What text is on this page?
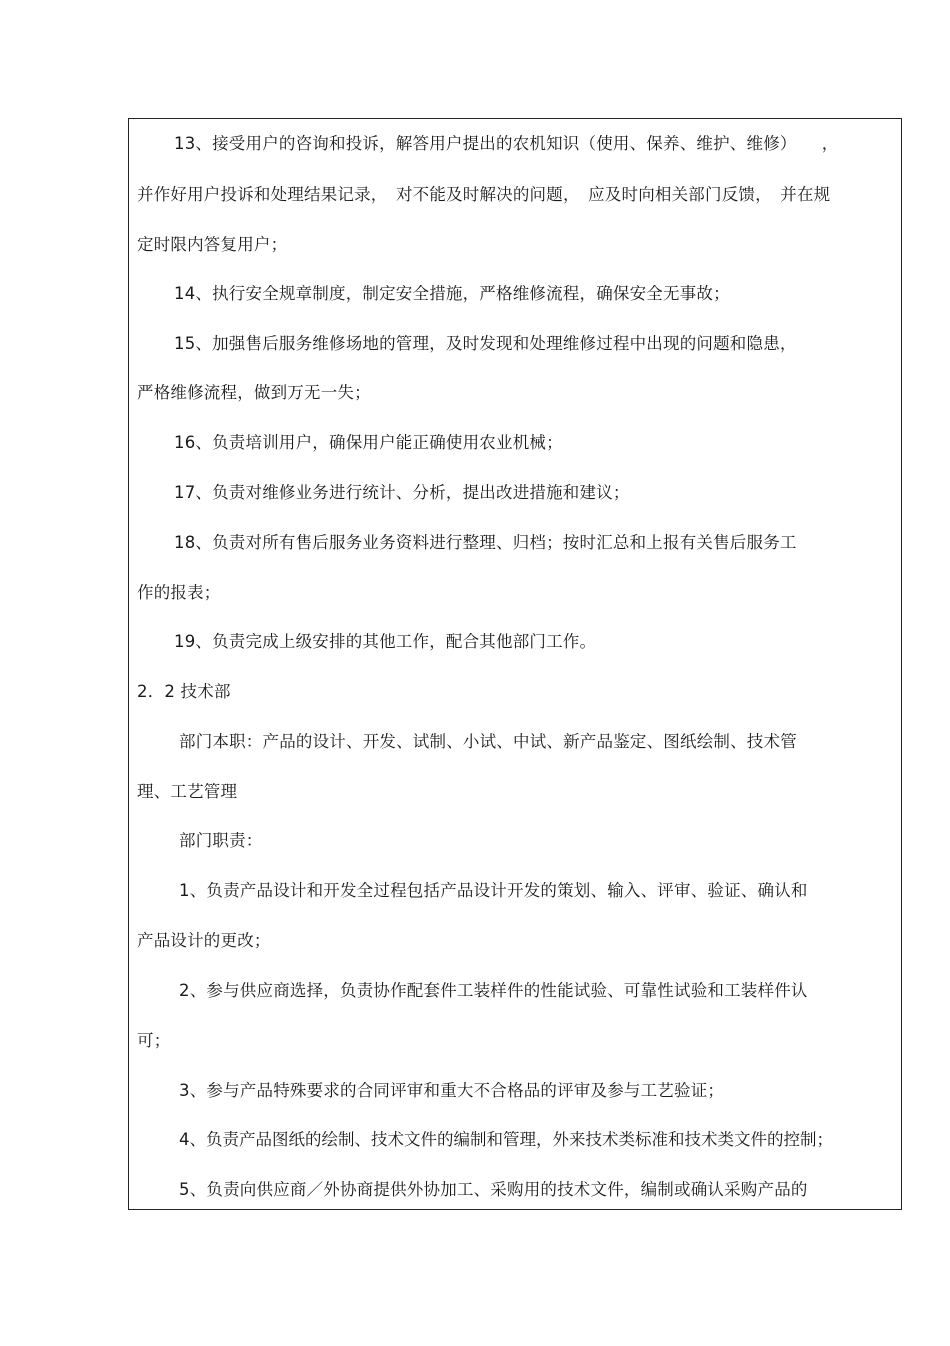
13、接受用户的咨询和投诉，解答用户提出的农机知识（使用、保养、维护、维修）　　，
并作好用户投诉和处理结果记录，　对不能及时解决的问题，　应及时向相关部门反馈，　并在规
定时限内答复用户；
14、执行安全规章制度，制定安全措施，严格维修流程，确保安全无事故；
15、加强售后服务维修场地的管理，及时发现和处理维修过程中出现的问题和隐患，
严格维修流程，做到万无一失；
16、负责培训用户，确保用户能正确使用农业机械；
17、负责对维修业务进行统计、分析，提出改进措施和建议；
18、负责对所有售后服务业务资料进行整理、归档；按时汇总和上报有关售后服务工
作的报表；
19、负责完成上级安排的其他工作，配合其他部门工作。
2．2 技术部
部门本职：产品的设计、开发、试制、小试、中试、新产品鉴定、图纸绘制、技术管
理、工艺管理
部门职责：
1、负责产品设计和开发全过程包括产品设计开发的策划、输入、评审、验证、确认和
产品设计的更改；
2、参与供应商选择，负责协作配套件工装样件的性能试验、可靠性试验和工装样件认
可；
3、参与产品特殊要求的合同评审和重大不合格品的评审及参与工艺验证；
4、负责产品图纸的绘制、技术文件的编制和管理，外来技术类标准和技术类文件的控制；
5、负责向供应商／外协商提供外协加工、采购用的技术文件，编制或确认采购产品的
